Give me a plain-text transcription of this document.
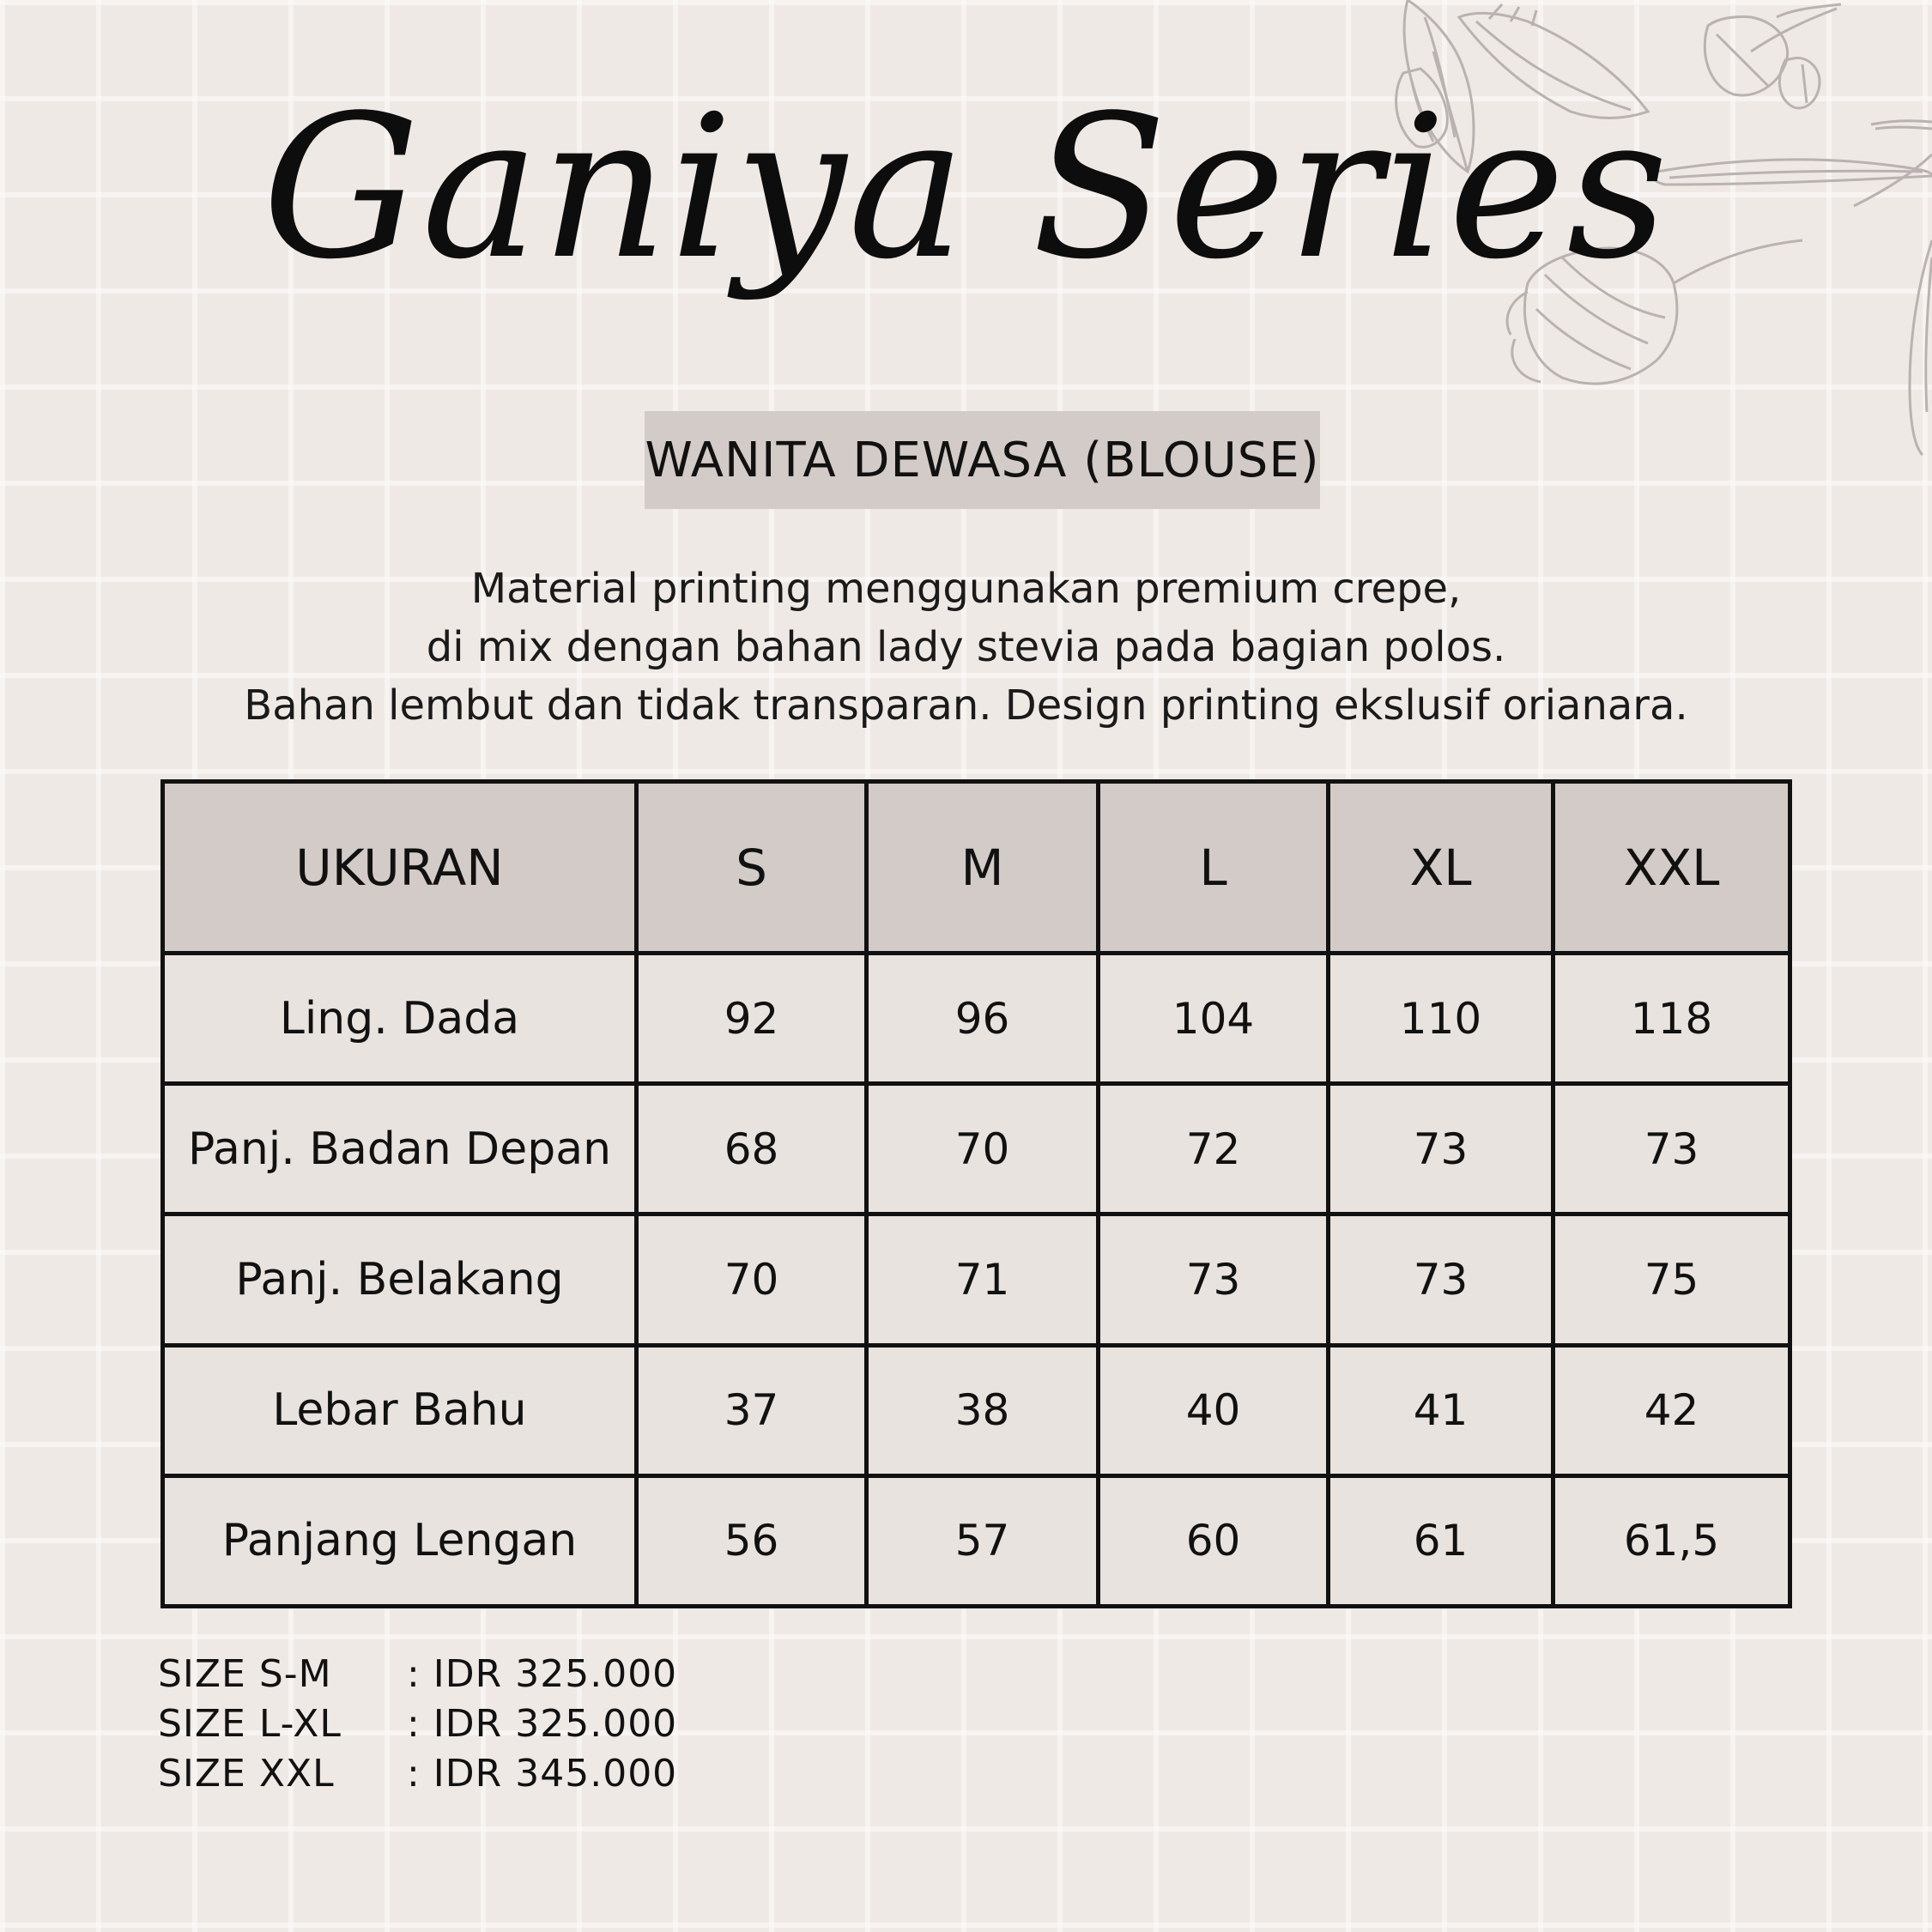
Ganiya Series
WANITA DEWASA (BLOUSE)
Material printing menggunakan premium crepe,
di mix dengan bahan lady stevia pada bagian polos.
Bahan lembut dan tidak transparan. Design printing ekslusif orianara.
UKURAN	S	M	L	XL	XXL
Ling. Dada	92	96	104	110	118
Panj. Badan Depan	68	70	72	73	73
Panj. Belakang	70	71	73	73	75
Lebar Bahu	37	38	40	41	42
Panjang Lengan	56	57	60	61	61,5
SIZE S-M	: IDR 325.000
SIZE L-XL	: IDR 325.000
SIZE XXL	: IDR 345.000
